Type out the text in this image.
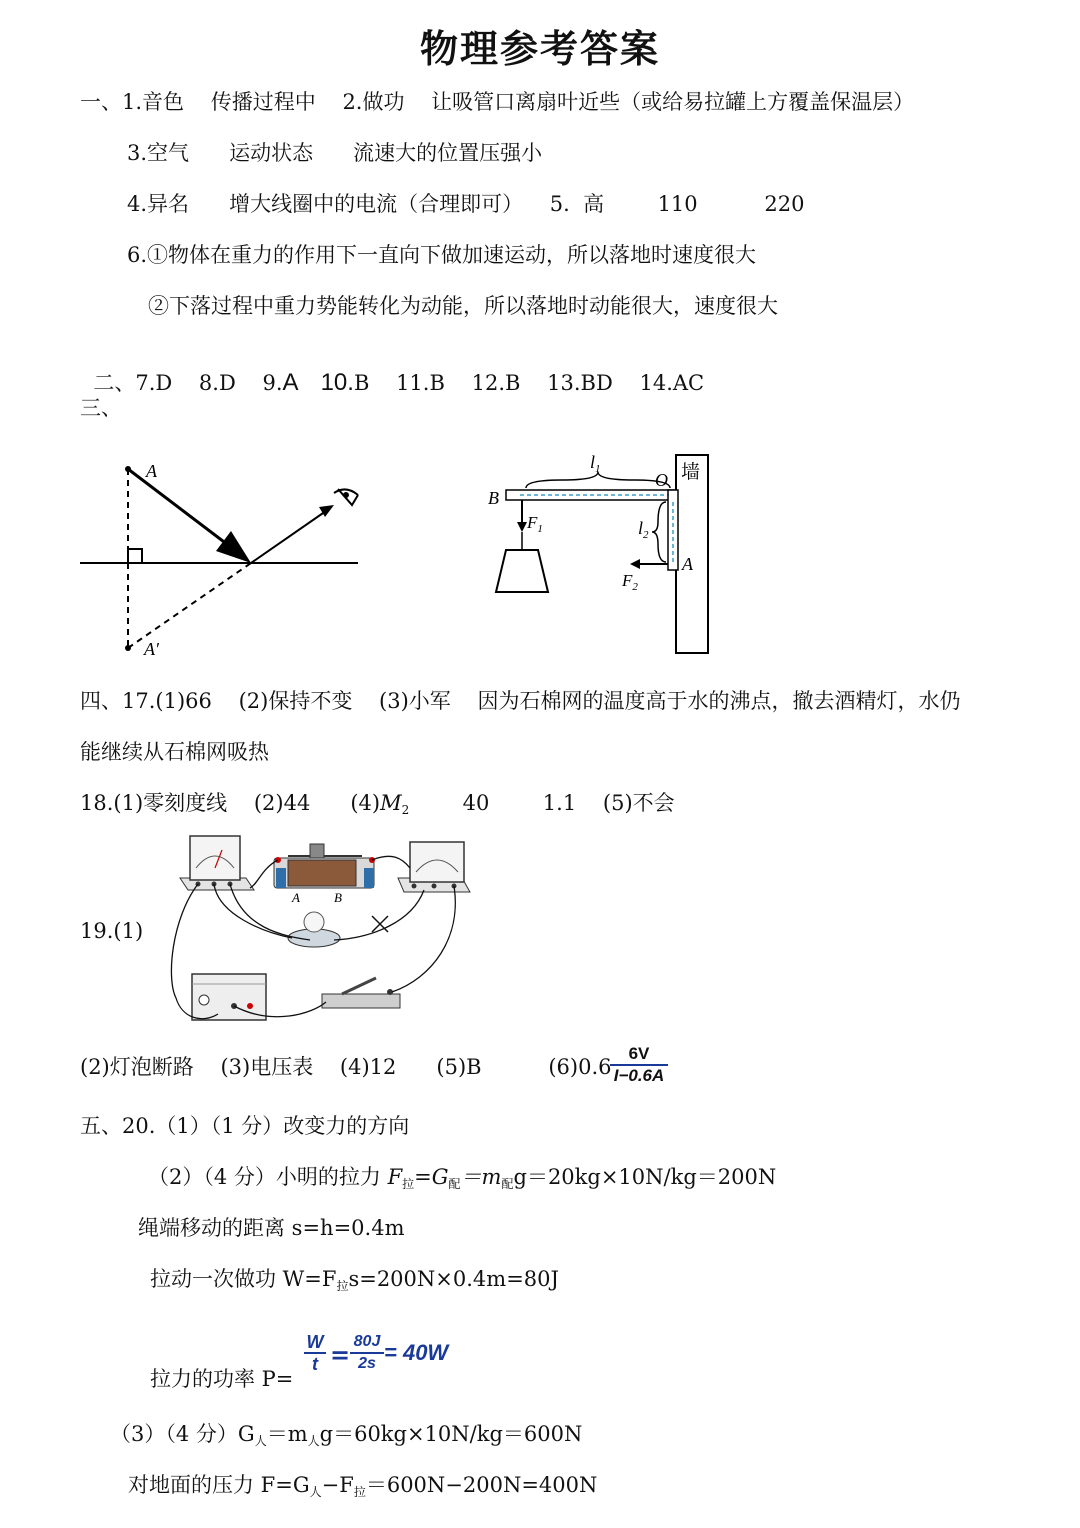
物理参考答案
一、1.音色    传播过程中    2.做功    让吸管口离扇叶近些（或给易拉罐上方覆盖保温层）
3.空气      运动状态      流速大的位置压强小
4.异名      增大线圈中的电流（合理即可）    5.  高        110          220
6.①物体在重力的作用下一直向下做加速运动，所以落地时速度很大
②下落过程中重力势能转化为动能，所以落地时动能很大，速度很大

二、7.D    8.D    9.A 10.B    11.B    12.B    13.BD    14.AC

三、
A
A′
墙
$l_1$
$l_2$
B
O
A
$F_1$
$F_2$
四、17.(1)66    (2)保持不变    (3)小军    因为石棉网的温度高于水的沸点，撤去酒精灯，水仍
能继续从石棉网吸热
18.(1)零刻度线    (2)44      $(4)M_2$        40        1.1    (5)不会
19.(1)
A	B
(2)灯泡断路    (3)电压表    (4)12      (5)B          (6)0.6
6V
I−0.6A
五、20.（1）（1 分）改变力的方向
（2）（4 分）小明的拉力 $F_拉=G_配=m_配g=20kg\times 10N/kg=200N$
绳端移动的距离 s=h=0.4m
拉动一次做功 $W=F_拉s=200N\times 0.4m=80J$
W
t = 80J
2s = 40W
拉力的功率 P=
（3）（4 分）$G_人=m_人g=60kg\times 10N/kg=600N$
对地面的压力 $F=G_人-F_拉=600N-200N=400N$
